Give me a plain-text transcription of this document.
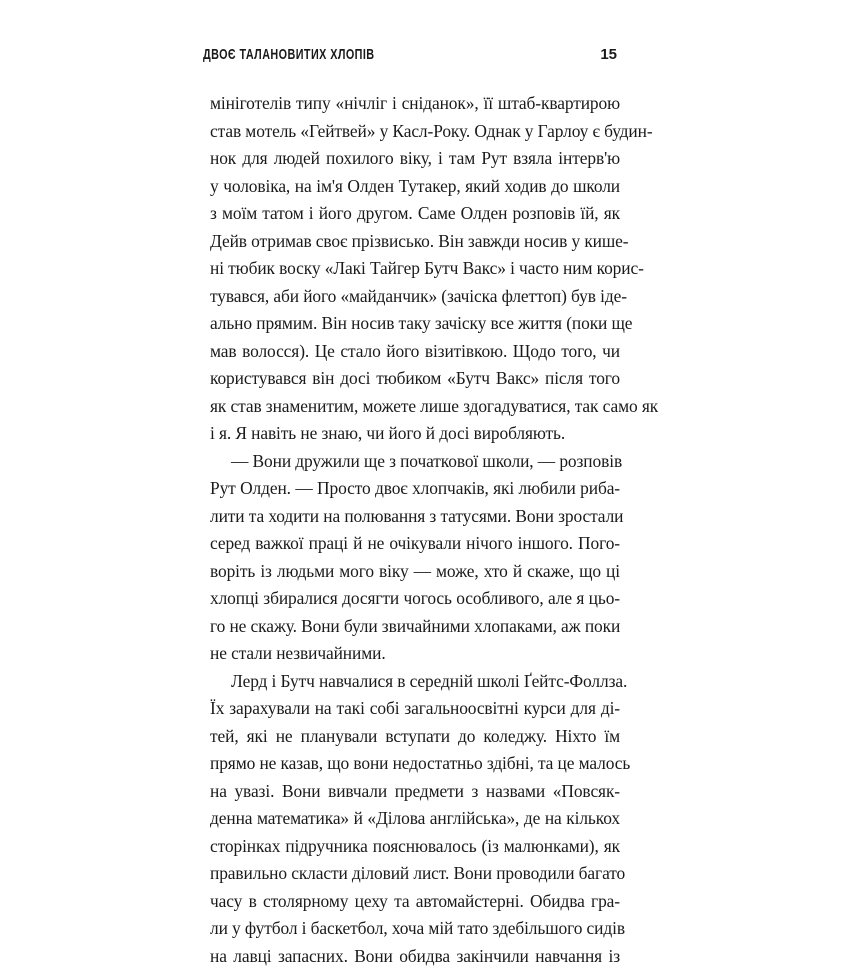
ДВОЄ ТАЛАНОВИТИХ ХЛОПІВ	15
мініготелів типу «нічліг і сніданок», її штаб-квартирою
став мотель «Гейтвей» у Касл-Року. Однак у Гарлоу є будин-
нок для людей похилого віку, і там Рут взяла інтерв'ю
у чоловіка, на ім'я Олден Тутакер, який ходив до школи
з моїм татом і його другом. Саме Олден розповів їй, як
Дейв отримав своє прізвисько. Він завжди носив у кише-
ні тюбик воску «Лакі Тайгер Бутч Вакс» і часто ним корис-
тувався, аби його «майданчик» (зачіска флеттоп) був іде-
ально прямим. Він носив таку зачіску все життя (поки ще
мав волосся). Це стало його візитівкою. Щодо того, чи
користувався він досі тюбиком «Бутч Вакс» після того
як став знаменитим, можете лише здогадуватися, так само як
і я. Я навіть не знаю, чи його й досі виробляють.
— Вони дружили ще з початкової школи, — розповів
Рут Олден. — Просто двоє хлопчаків, які любили риба-
лити та ходити на полювання з татусями. Вони зростали
серед важкої праці й не очікували нічого іншого. Пого-
воріть із людьми мого віку — може, хто й скаже, що ці
хлопці збиралися досягти чогось особливого, але я цьо-
го не скажу. Вони були звичайними хлопаками, аж поки
не стали незвичайними.
Лерд і Бутч навчалися в середній школі Ґейтс-Фоллза.
Їх зарахували на такі собі загальноосвітні курси для ді-
тей, які не планували вступати до коледжу. Ніхто їм
прямо не казав, що вони недостатньо здібні, та це малось
на увазі. Вони вивчали предмети з назвами «Повсяк-
денна математика» й «Ділова англійська», де на кількох
сторінках підручника пояснювалось (із малюнками), як
правильно скласти діловий лист. Вони проводили багато
часу в столярному цеху та автомайстерні. Обидва гра-
ли у футбол і баскетбол, хоча мій тато здебільшого сидів
на лавці запасних. Вони обидва закінчили навчання із
